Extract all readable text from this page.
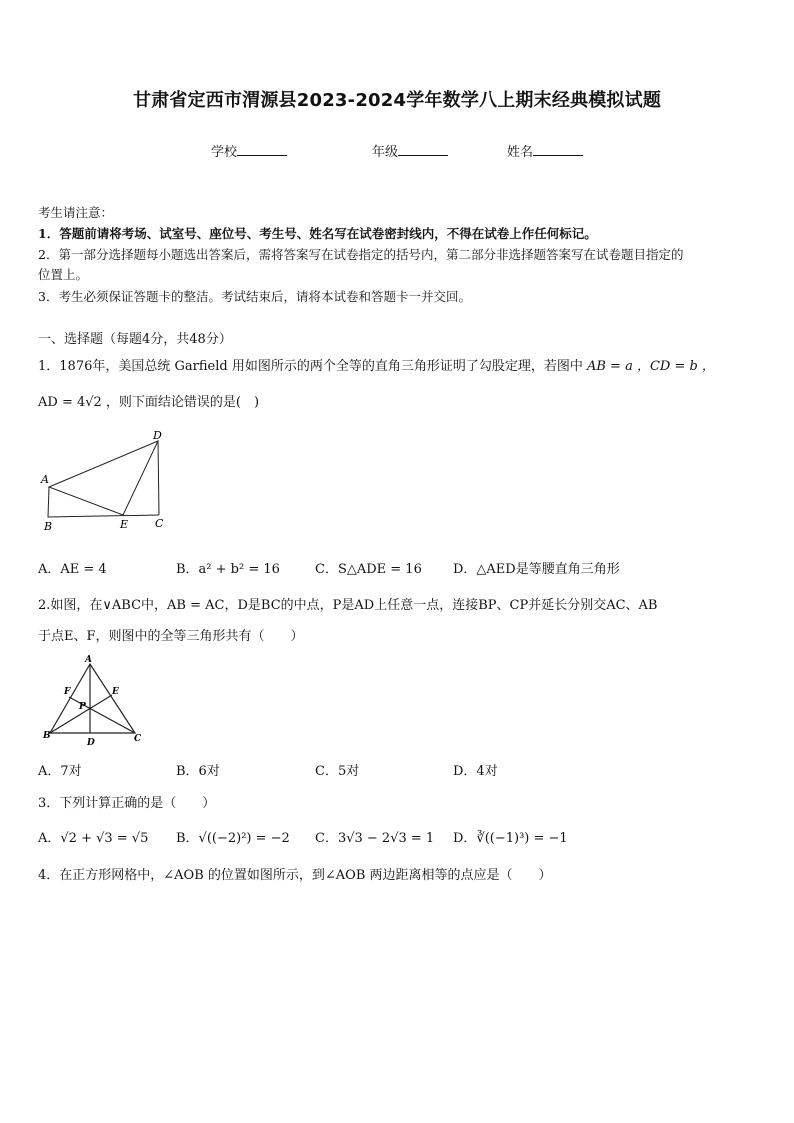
甘肃省定西市渭源县2023-2024学年数学八上期末经典模拟试题
学校	年级	姓名
考生请注意：
1．答题前请将考场、试室号、座位号、考生号、姓名写在试卷密封线内，不得在试卷上作任何标记。
2．第一部分选择题每小题选出答案后，需将答案写在试卷指定的括号内，第二部分非选择题答案写在试卷题目指定的
位置上。
3．考生必须保证答题卡的整洁。考试结束后，请将本试卷和答题卡一并交回。
一、选择题（每题4分，共48分）
1．1876年，美国总统 Garfield 用如图所示的两个全等的直角三角形证明了勾股定理，若图中 AB = a ，CD = b ，
AD = 4√2 ，则下面结论错误的是(　)
D
A
B	E C
A．AE = 4	B．a² + b² = 16	C．S△ADE = 16 D．△AED是等腰直角三角形
2.如图，在∨ABC中，AB = AC，D是BC的中点，P是AD上任意一点，连接BP、CP并延长分别交AC、AB
于点E、F，则图中的全等三角形共有（　　）
A
F	E
P
B
D	C
A．7对	B．6对	C．5对	D．4对
3．下列计算正确的是（　　）
A．√2 + √3 = √5 B．√((−2)²) = −2 C．3√3 − 2√3 = 1 D．∛((−1)³) = −1
4．在正方形网格中，∠AOB 的位置如图所示，到∠AOB 两边距离相等的点应是（　　）
